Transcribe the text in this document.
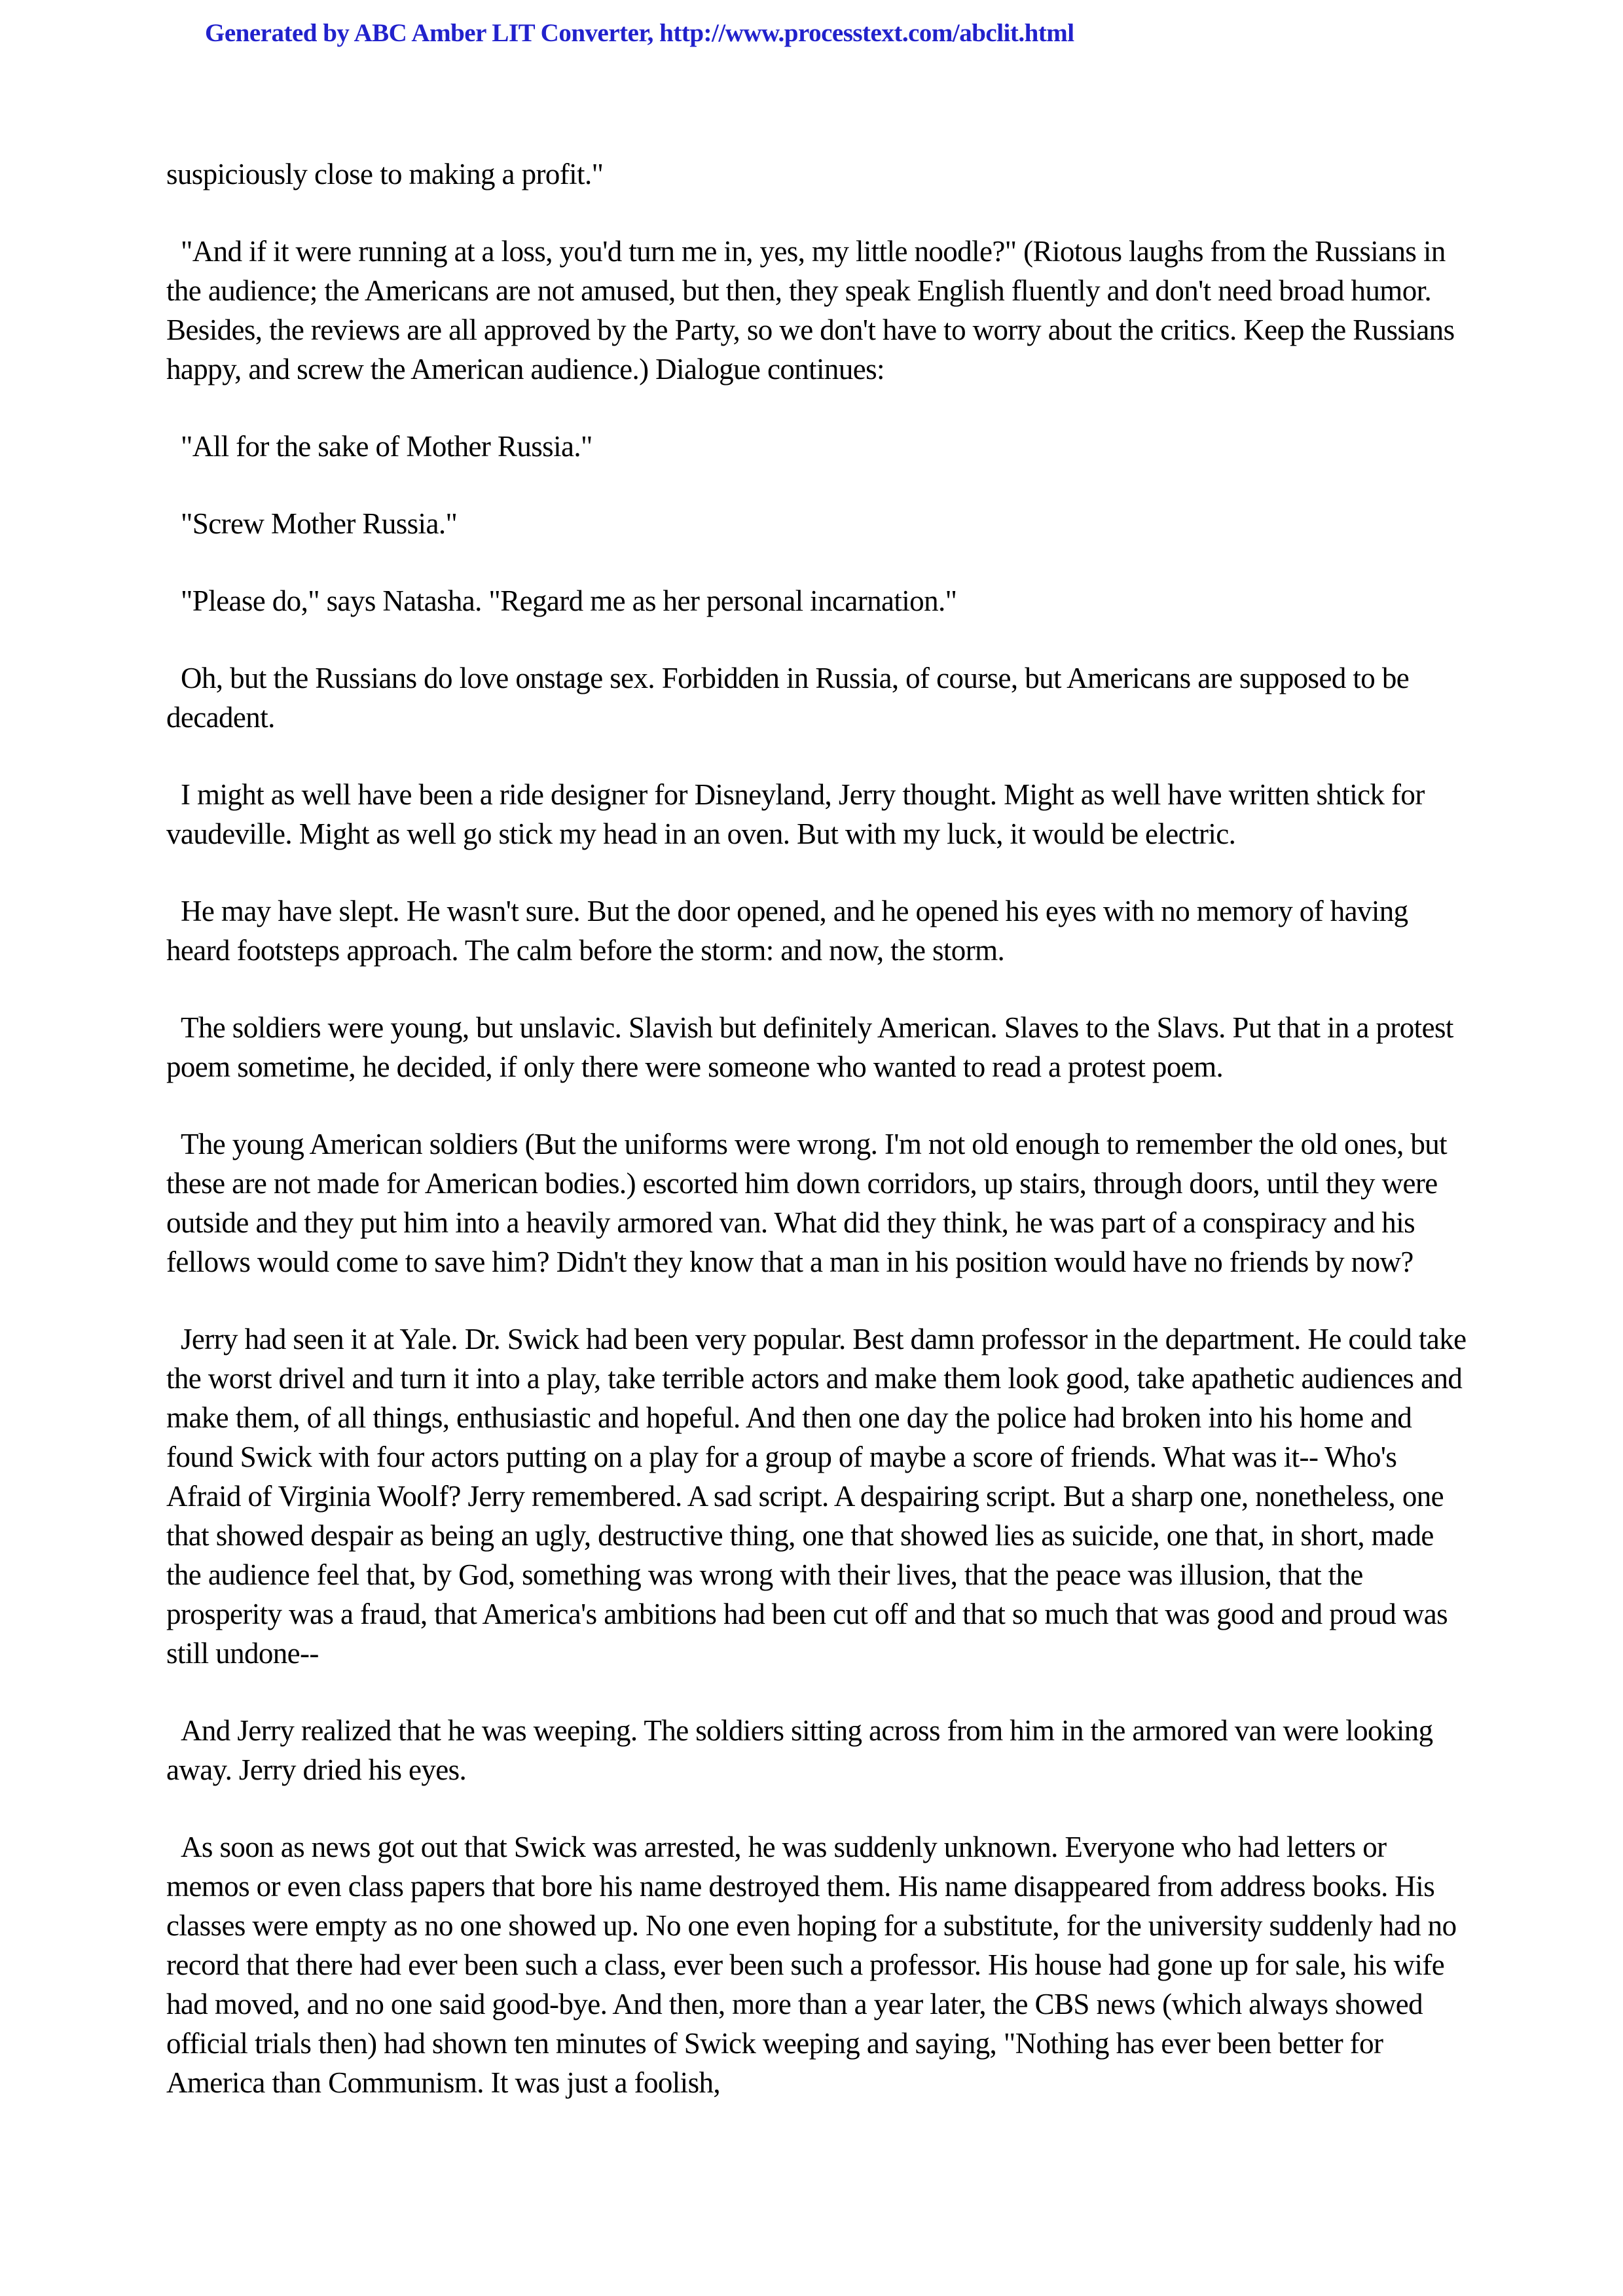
Generated by ABC Amber LIT Converter, http://www.processtext.com/abclit.html

suspiciously close to making a profit."

"And if it were running at a loss, you'd turn me in, yes, my little noodle?" (Riotous laughs from the Russians in the audience; the Americans are not amused, but then, they speak English fluently and don't need broad humor. Besides, the reviews are all approved by the Party, so we don't have to worry about the critics. Keep the Russians happy, and screw the American audience.) Dialogue continues:

"All for the sake of Mother Russia."

"Screw Mother Russia."

"Please do," says Natasha. "Regard me as her personal incarnation."

Oh, but the Russians do love onstage sex. Forbidden in Russia, of course, but Americans are supposed to be decadent.

I might as well have been a ride designer for Disneyland, Jerry thought. Might as well have written shtick for vaudeville. Might as well go stick my head in an oven. But with my luck, it would be electric.

He may have slept. He wasn't sure. But the door opened, and he opened his eyes with no memory of having heard footsteps approach. The calm before the storm: and now, the storm.

The soldiers were young, but unslavic. Slavish but definitely American. Slaves to the Slavs. Put that in a protest poem sometime, he decided, if only there were someone who wanted to read a protest poem.

The young American soldiers (But the uniforms were wrong. I'm not old enough to remember the old ones, but these are not made for American bodies.) escorted him down corridors, up stairs, through doors, until they were outside and they put him into a heavily armored van. What did they think, he was part of a conspiracy and his fellows would come to save him? Didn't they know that a man in his position would have no friends by now?

Jerry had seen it at Yale. Dr. Swick had been very popular. Best damn professor in the department. He could take the worst drivel and turn it into a play, take terrible actors and make them look good, take apathetic audiences and make them, of all things, enthusiastic and hopeful. And then one day the police had broken into his home and found Swick with four actors putting on a play for a group of maybe a score of friends. What was it-- Who's Afraid of Virginia Woolf? Jerry remembered. A sad script. A despairing script. But a sharp one, nonetheless, one that showed despair as being an ugly, destructive thing, one that showed lies as suicide, one that, in short, made the audience feel that, by God, something was wrong with their lives, that the peace was illusion, that the prosperity was a fraud, that America's ambitions had been cut off and that so much that was good and proud was still undone--

And Jerry realized that he was weeping. The soldiers sitting across from him in the armored van were looking away. Jerry dried his eyes.

As soon as news got out that Swick was arrested, he was suddenly unknown. Everyone who had letters or memos or even class papers that bore his name destroyed them. His name disappeared from address books. His classes were empty as no one showed up. No one even hoping for a substitute, for the university suddenly had no record that there had ever been such a class, ever been such a professor. His house had gone up for sale, his wife had moved, and no one said good-bye. And then, more than a year later, the CBS news (which always showed official trials then) had shown ten minutes of Swick weeping and saying, "Nothing has ever been better for America than Communism. It was just a foolish,
